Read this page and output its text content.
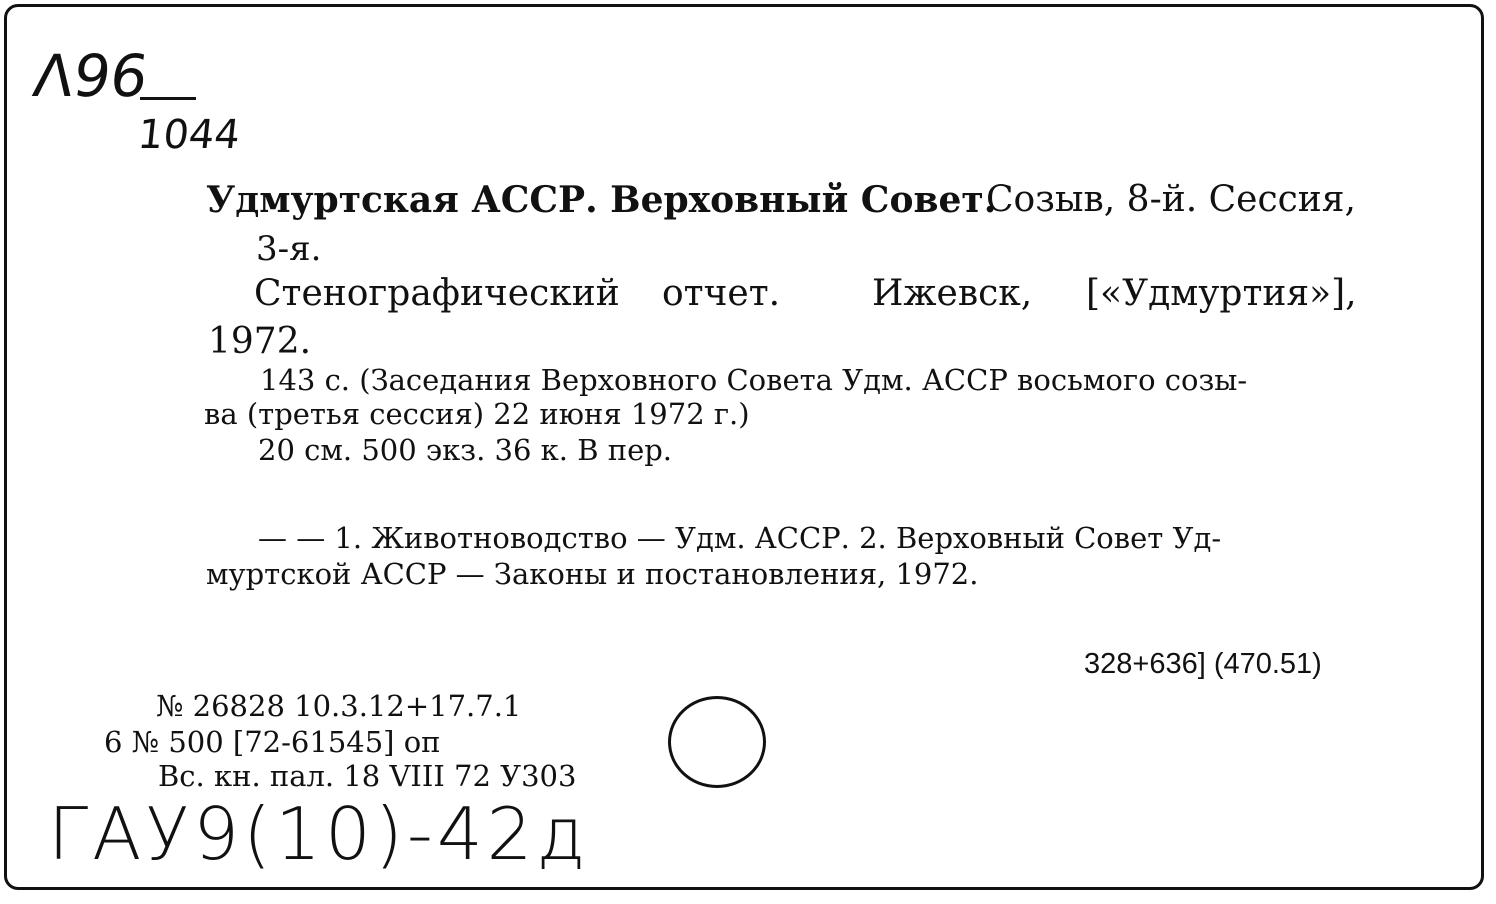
Λ96
1044
Удмуртская АССР. Верховный Совет.
Созыв, 8-й. Сессия,
3-я.
Стенографический отчет.	Ижевск, [«Удмуртия»],
1972.
143 с. (Заседания Верховного Совета Удм. АССР восьмого созы-
ва (третья сессия) 22 июня 1972 г.)
20 см. 500 экз. 36 к. В пер.
— — 1. Животноводство — Удм. АССР. 2. Верховный Совет Уд-
муртской АССР — Законы и постановления, 1972.
328+636] (470.51)
№ 26828 10.3.12+17.7.1
6 № 500 [72-61545] оп
Вс. кн. пал. 18 VIII 72 У303
ГАУ9(10)-42д
